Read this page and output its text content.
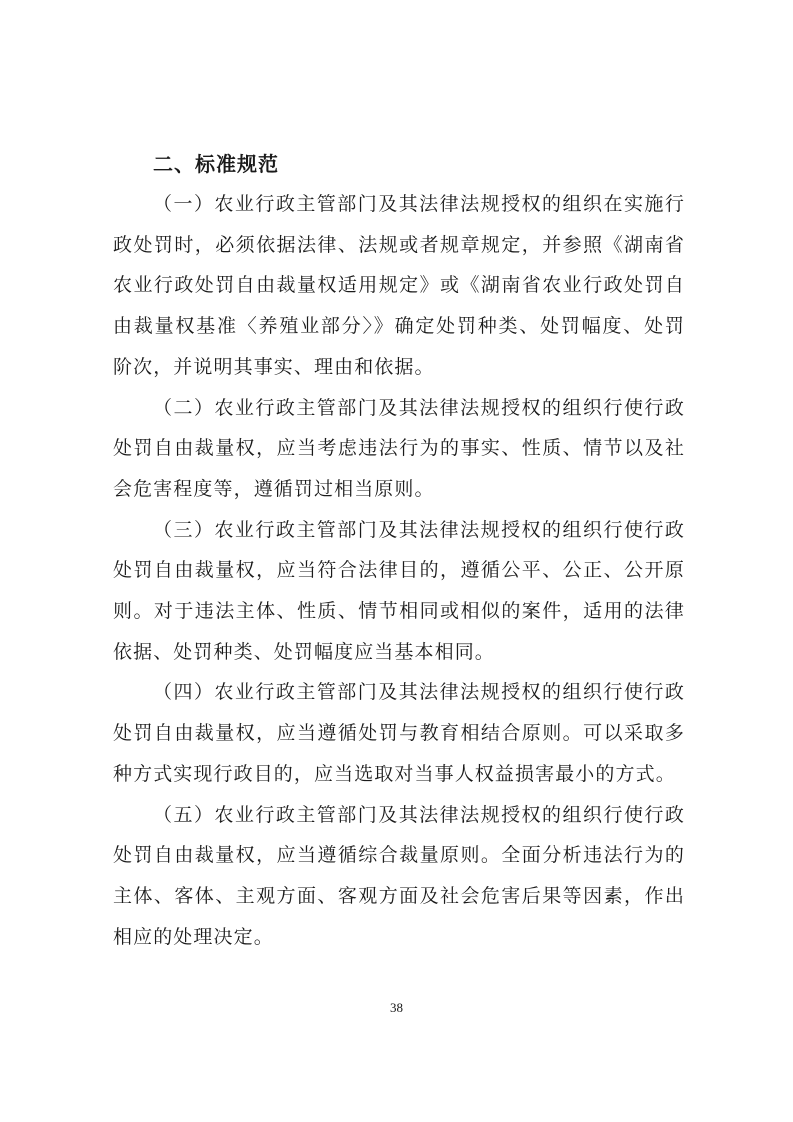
二、标准规范

（一）农业行政主管部门及其法律法规授权的组织在实施行政处罚时，必须依据法律、法规或者规章规定，并参照《湖南省农业行政处罚自由裁量权适用规定》或《湖南省农业行政处罚自由裁量权基准〈养殖业部分〉》确定处罚种类、处罚幅度、处罚阶次，并说明其事实、理由和依据。

（二）农业行政主管部门及其法律法规授权的组织行使行政处罚自由裁量权，应当考虑违法行为的事实、性质、情节以及社会危害程度等，遵循罚过相当原则。

（三）农业行政主管部门及其法律法规授权的组织行使行政处罚自由裁量权，应当符合法律目的，遵循公平、公正、公开原则。对于违法主体、性质、情节相同或相似的案件，适用的法律依据、处罚种类、处罚幅度应当基本相同。

（四）农业行政主管部门及其法律法规授权的组织行使行政处罚自由裁量权，应当遵循处罚与教育相结合原则。可以采取多种方式实现行政目的，应当选取对当事人权益损害最小的方式。

（五）农业行政主管部门及其法律法规授权的组织行使行政处罚自由裁量权，应当遵循综合裁量原则。全面分析违法行为的主体、客体、主观方面、客观方面及社会危害后果等因素，作出相应的处理决定。

38
